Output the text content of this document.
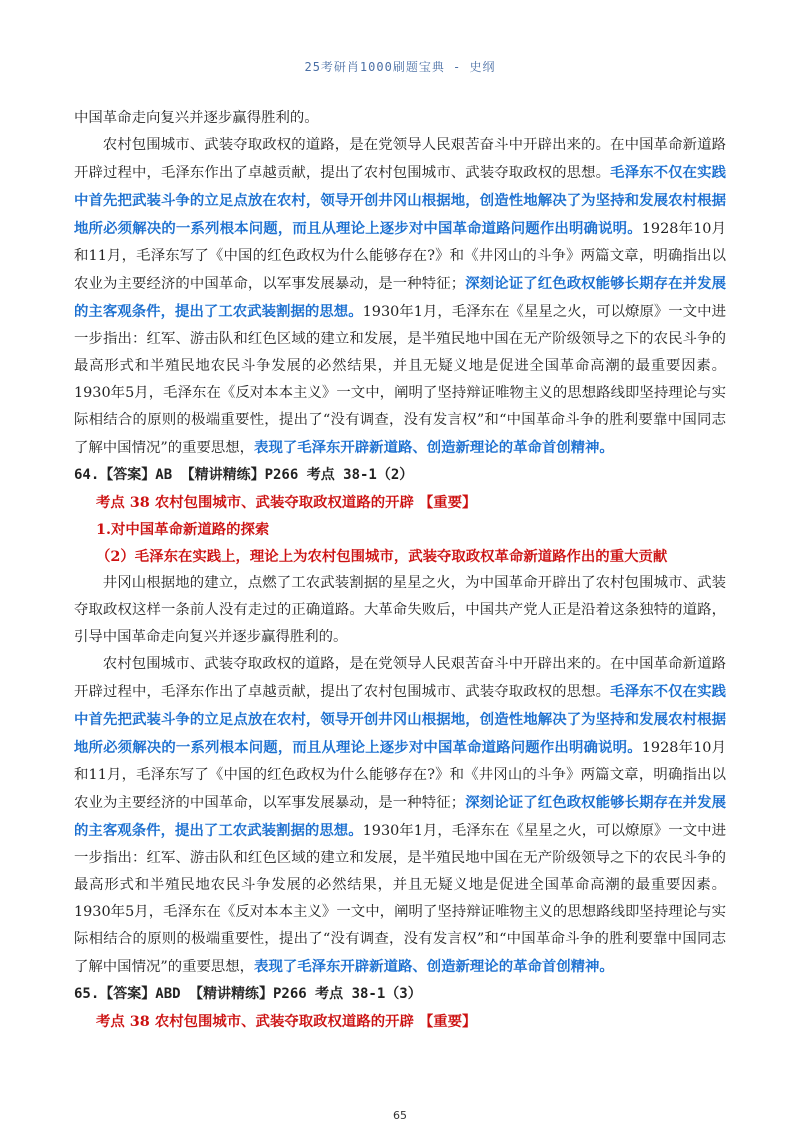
25考研肖1000刷题宝典 - 史纲

中国革命走向复兴并逐步赢得胜利的。

农村包围城市、武装夺取政权的道路，是在党领导人民艰苦奋斗中开辟出来的。在中国革命新道路开辟过程中，毛泽东作出了卓越贡献，提出了农村包围城市、武装夺取政权的思想。毛泽东不仅在实践中首先把武装斗争的立足点放在农村，领导开创井冈山根据地，创造性地解决了为坚持和发展农村根据地所必须解决的一系列根本问题，而且从理论上逐步对中国革命道路问题作出明确说明。1928年10月和11月，毛泽东写了《中国的红色政权为什么能够存在?》和《井冈山的斗争》两篇文章，明确指出以农业为主要经济的中国革命，以军事发展暴动，是一种特征；深刻论证了红色政权能够长期存在并发展的主客观条件，提出了工农武装割据的思想。1930年1月，毛泽东在《星星之火，可以燎原》一文中进一步指出：红军、游击队和红色区域的建立和发展，是半殖民地中国在无产阶级领导之下的农民斗争的最高形式和半殖民地农民斗争发展的必然结果，并且无疑义地是促进全国革命高潮的最重要因素。1930年5月，毛泽东在《反对本本主义》一文中，阐明了坚持辩证唯物主义的思想路线即坚持理论与实际相结合的原则的极端重要性，提出了“没有调查，没有发言权”和“中国革命斗争的胜利要靠中国同志了解中国情况”的重要思想，表现了毛泽东开辟新道路、创造新理论的革命首创精神。

64.【答案】AB 【精讲精练】P266 考点 38-1（2）

考点 38 农村包围城市、武装夺取政权道路的开辟 【重要】

1.对中国革命新道路的探索

（2）毛泽东在实践上，理论上为农村包围城市，武装夺取政权革命新道路作出的重大贡献

井冈山根据地的建立，点燃了工农武装割据的星星之火，为中国革命开辟出了农村包围城市、武装夺取政权这样一条前人没有走过的正确道路。大革命失败后，中国共产党人正是沿着这条独特的道路，引导中国革命走向复兴并逐步赢得胜利的。

农村包围城市、武装夺取政权的道路，是在党领导人民艰苦奋斗中开辟出来的。在中国革命新道路开辟过程中，毛泽东作出了卓越贡献，提出了农村包围城市、武装夺取政权的思想。毛泽东不仅在实践中首先把武装斗争的立足点放在农村，领导开创井冈山根据地，创造性地解决了为坚持和发展农村根据地所必须解决的一系列根本问题，而且从理论上逐步对中国革命道路问题作出明确说明。1928年10月和11月，毛泽东写了《中国的红色政权为什么能够存在?》和《井冈山的斗争》两篇文章，明确指出以农业为主要经济的中国革命，以军事发展暴动，是一种特征；深刻论证了红色政权能够长期存在并发展的主客观条件，提出了工农武装割据的思想。1930年1月，毛泽东在《星星之火，可以燎原》一文中进一步指出：红军、游击队和红色区域的建立和发展，是半殖民地中国在无产阶级领导之下的农民斗争的最高形式和半殖民地农民斗争发展的必然结果，并且无疑义地是促进全国革命高潮的最重要因素。1930年5月，毛泽东在《反对本本主义》一文中，阐明了坚持辩证唯物主义的思想路线即坚持理论与实际相结合的原则的极端重要性，提出了“没有调查，没有发言权”和“中国革命斗争的胜利要靠中国同志了解中国情况”的重要思想，表现了毛泽东开辟新道路、创造新理论的革命首创精神。

65.【答案】ABD 【精讲精练】P266 考点 38-1（3）

考点 38 农村包围城市、武装夺取政权道路的开辟 【重要】

65
